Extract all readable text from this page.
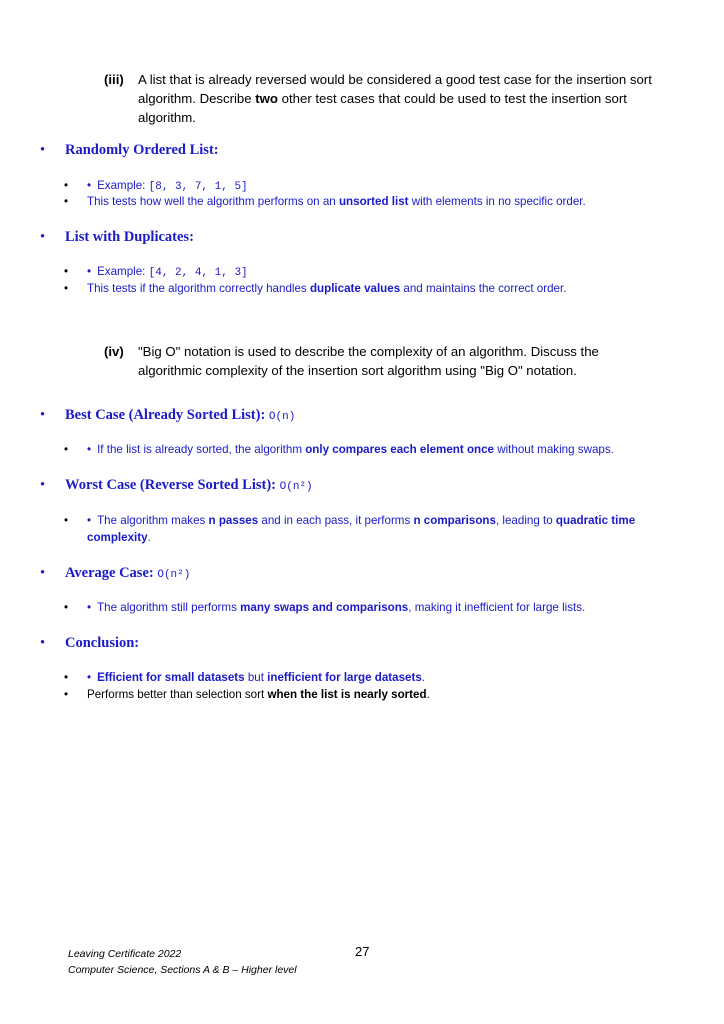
(iii) A list that is already reversed would be considered a good test case for the insertion sort algorithm. Describe two other test cases that could be used to test the insertion sort algorithm.
• Randomly Ordered List:
• • Example: [8, 3, 7, 1, 5]
• This tests how well the algorithm performs on an unsorted list with elements in no specific order.
• List with Duplicates:
• • Example: [4, 2, 4, 1, 3]
• This tests if the algorithm correctly handles duplicate values and maintains the correct order.
(iv) "Big O" notation is used to describe the complexity of an algorithm. Discuss the algorithmic complexity of the insertion sort algorithm using "Big O" notation.
• Best Case (Already Sorted List): O(n)
• • If the list is already sorted, the algorithm only compares each element once without making swaps.
• Worst Case (Reverse Sorted List): O(n²)
• • The algorithm makes n passes and in each pass, it performs n comparisons, leading to quadratic time complexity.
• Average Case: O(n²)
• • The algorithm still performs many swaps and comparisons, making it inefficient for large lists.
• Conclusion:
• • Efficient for small datasets but inefficient for large datasets.
• Performs better than selection sort when the list is nearly sorted.
Leaving Certificate 2022
Computer Science, Sections A & B – Higher level
27
